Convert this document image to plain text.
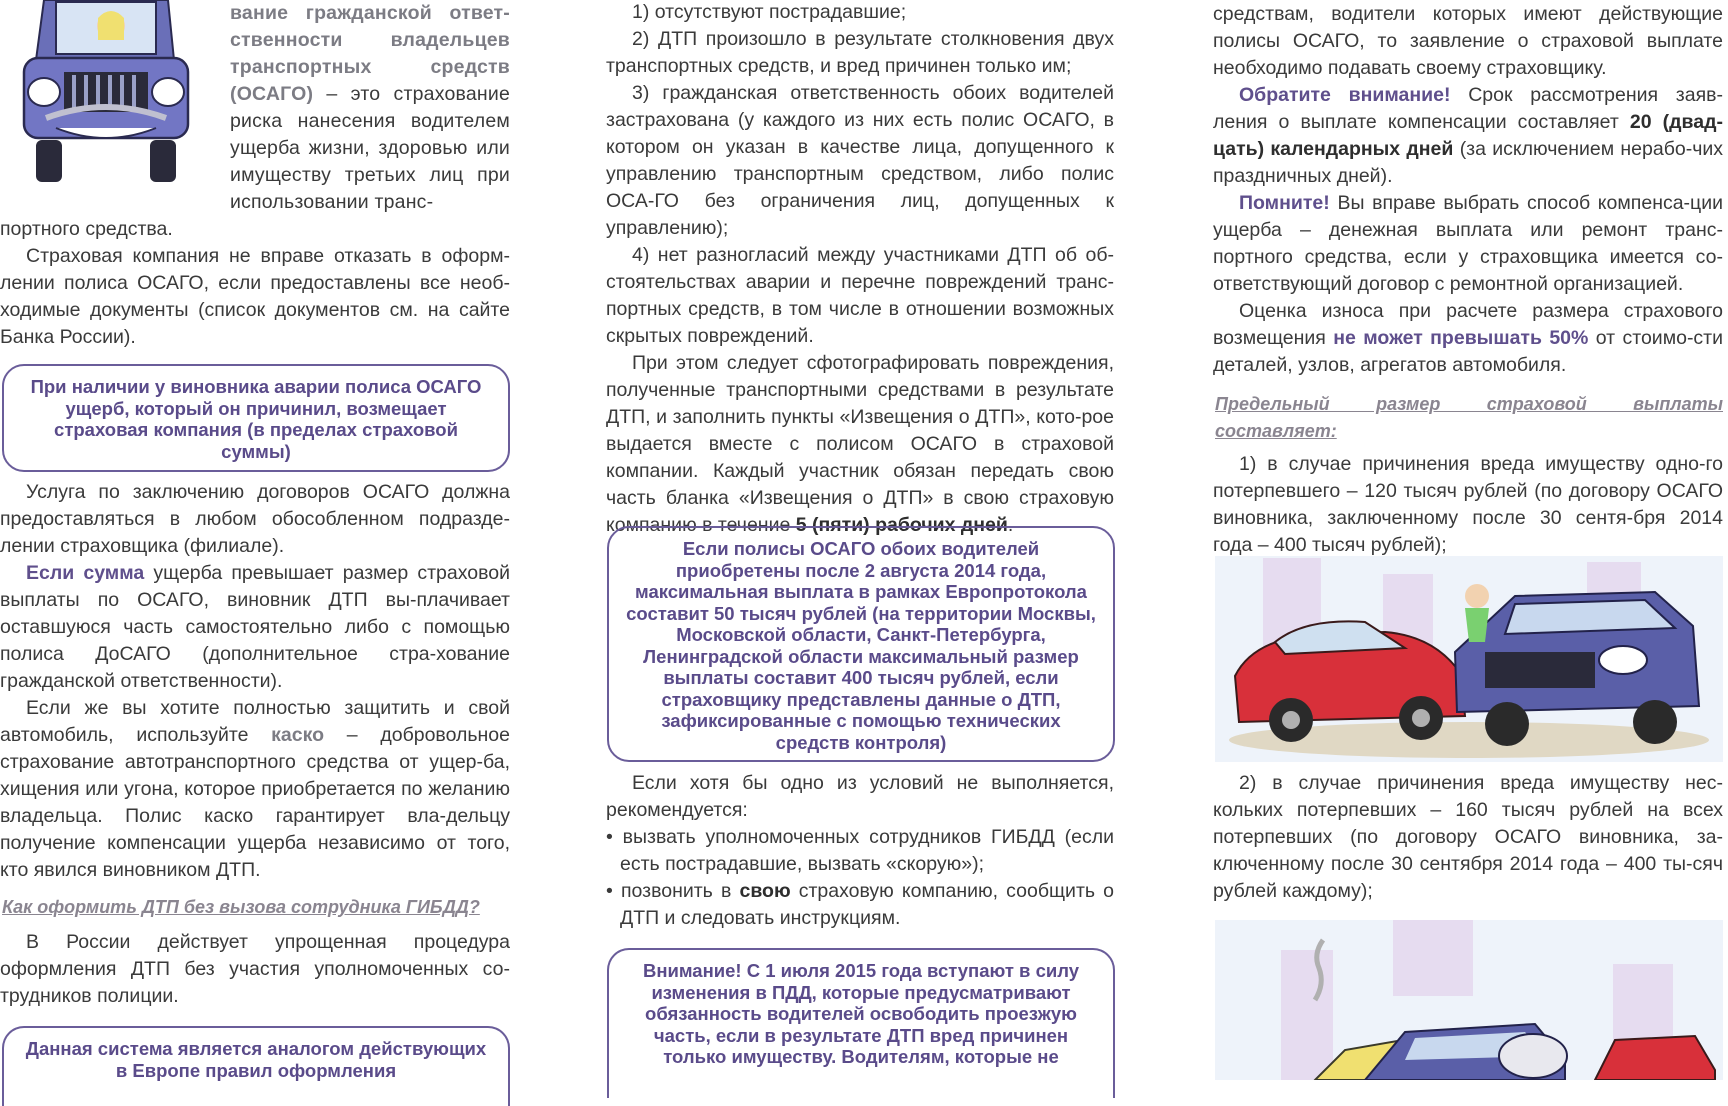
вание гражданской ответ-ственности владельцев транспортных средств (ОСАГО) – это страхование риска нанесения водителем ущерба жизни, здоровью или имуществу третьих лиц при использовании транс-

портного средства.

Страховая компания не вправе отказать в оформ-лении полиса ОСАГО, если предоставлены все необ-ходимые документы (список документов см. на сайте Банка России).

При наличии у виновника аварии полиса ОСАГО ущерб, который он причинил, возмещает страховая компания (в пределах страховой суммы)

Услуга по заключению договоров ОСАГО должна предоставляться в любом обособленном подразде-лении страховщика (филиале).

Если сумма ущерба превышает размер страховой выплаты по ОСАГО, виновник ДТП вы-плачивает оставшуюся часть самостоятельно либо с помощью полиса ДоСАГО (дополнительное стра-хование гражданской ответственности).

Если же вы хотите полностью защитить и свой автомобиль, используйте каско – добровольное страхование автотранспортного средства от ущер-ба, хищения или угона, которое приобретается по желанию владельца. Полис каско гарантирует вла-дельцу получение компенсации ущерба независимо от того, кто явился виновником ДТП.

Как оформить ДТП без вызова сотрудника ГИБДД?

В России действует упрощенная процедура оформления ДТП без участия уполномоченных со-трудников полиции.

Данная система является аналогом действующих в Европе правил оформления

1) отсутствуют пострадавшие;

2) ДТП произошло в результате столкновения двух транспортных средств, и вред причинен только им;

3) гражданская ответственность обоих водителей застрахована (у каждого из них есть полис ОСАГО, в котором он указан в качестве лица, допущенного к управлению транспортным средством, либо полис ОСА-ГО без ограничения лиц, допущенных к управлению);

4) нет разногласий между участниками ДТП об об-стоятельствах аварии и перечне повреждений транс-портных средств, в том числе в отношении возможных скрытых повреждений.

При этом следует сфотографировать повреждения, полученные транспортными средствами в результате ДТП, и заполнить пункты «Извещения о ДТП», кото-рое выдается вместе с полисом ОСАГО в страховой компании. Каждый участник обязан передать свою часть бланка «Извещения о ДТП» в свою страховую компанию в течение 5 (пяти) рабочих дней.

Если полисы ОСАГО обоих водителей приобретены после 2 августа 2014 года, максимальная выплата в рамках Европротокола составит 50 тысяч рублей (на территории Москвы, Московской области, Санкт-Петербурга, Ленинградской области максимальный размер выплаты составит 400 тысяч рублей, если страховщику представлены данные о ДТП, зафиксированные с помощью технических средств контроля)

Если хотя бы одно из условий не выполняется, рекомендуется:

• вызвать уполномоченных сотрудников ГИБДД (если есть пострадавшие, вызвать «скорую»);

• позвонить в свою страховую компанию, сообщить о ДТП и следовать инструкциям.

Внимание! С 1 июля 2015 года вступают в силу изменения в ПДД, которые предусматривают обязанность водителей освободить проезжую часть, если в результате ДТП вред причинен только имуществу. Водителям, которые не

средствам, водители которых имеют действующие полисы ОСАГО, то заявление о страховой выплате необходимо подавать своему страховщику.

Обратите внимание! Срок рассмотрения заяв-ления о выплате компенсации составляет 20 (двад-цать) календарных дней (за исключением нерабо-чих праздничных дней).

Помните! Вы вправе выбрать способ компенса-ции ущерба – денежная выплата или ремонт транс-портного средства, если у страховщика имеется со-ответствующий договор с ремонтной организацией.

Оценка износа при расчете размера страхового возмещения не может превышать 50% от стоимо-сти деталей, узлов, агрегатов автомобиля.

Предельный размер страховой выплаты составляет:

1) в случае причинения вреда имуществу одно-го потерпевшего – 120 тысяч рублей (по договору ОСАГО виновника, заключенному после 30 сентя-бря 2014 года – 400 тысяч рублей);

2) в случае причинения вреда имуществу нес-кольких потерпевших – 160 тысяч рублей на всех потерпевших (по договору ОСАГО виновника, за-ключенному после 30 сентября 2014 года – 400 ты-сяч рублей каждому);
